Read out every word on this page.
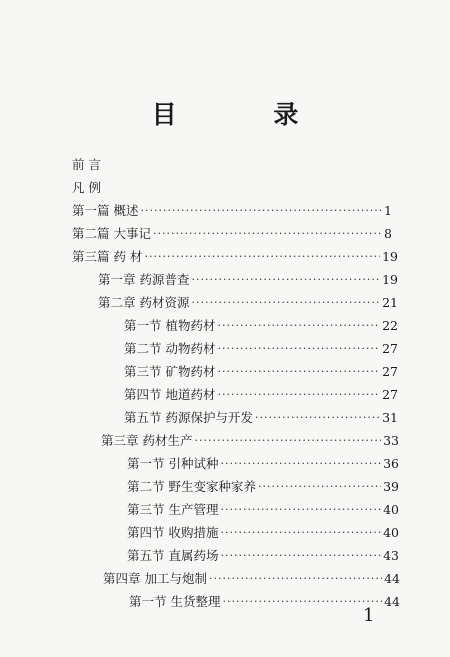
目 录
前 言
凡 例
第一篇 概述 ·····	1
第二篇 大事记 ·····	8
第三篇 药 材 ·····	19
第一章 药源普查 ·····	19
第二章 药材资源 ·····	21
第一节 植物药材 ·····	22
第二节 动物药材 ·····	27
第三节 矿物药材 ·····	27
第四节 地道药材 ·····	27
第五节 药源保护与开发 ·····	31
第三章 药材生产 ·····	33
第一节 引种试种 ·····	36
第二节 野生变家种家养 ·····	39
第三节 生产管理 ·····	40
第四节 收购措施 ·····	40
第五节 直属药场 ·····	43
第四章 加工与炮制 ·····	44
第一节 生货整理 ·····	44
1
